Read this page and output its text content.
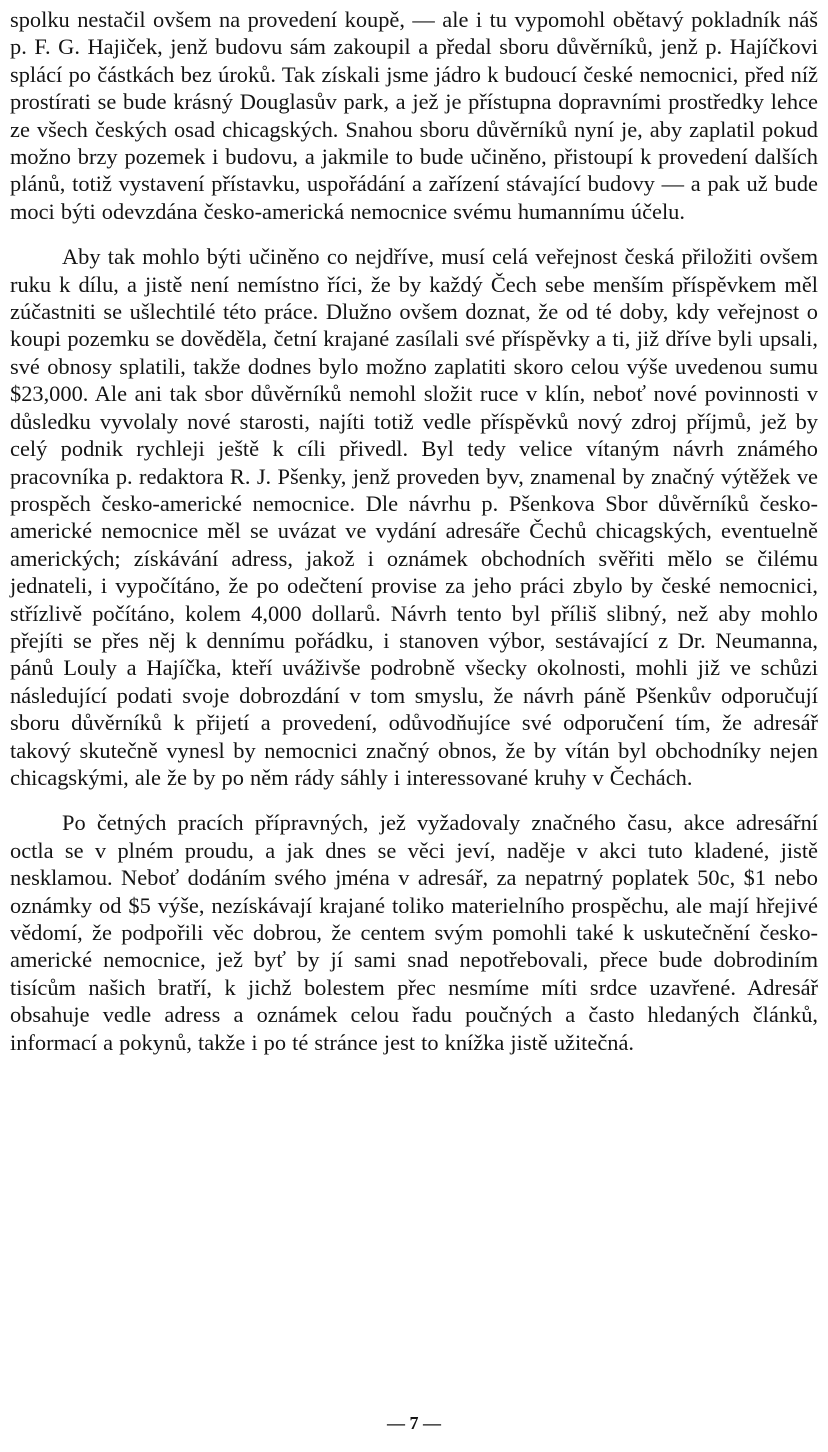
spolku nestačil ovšem na provedení koupě, — ale i tu vypomohl obětavý pokladník náš p. F. G. Hajiček, jenž budovu sám zakoupil a předal sboru důvěrníků, jenž p. Hajíčkovi splácí po částkách bez úroků. Tak získali jsme jádro k budoucí české nemocnici, před níž prostírati se bude krásný Douglasův park, a jež je přístupna dopravními prostředky lehce ze všech českých osad chicagských. Snahou sboru důvěrníků nyní je, aby zaplatil pokud možno brzy pozemek i budovu, a jakmile to bude učiněno, přistoupí k provedení dalších plánů, totiž vystavení přístavku, uspořádání a zařízení stávající budovy — a pak už bude moci býti odevzdána česko-americká nemocnice svému humannímu účelu.

Aby tak mohlo býti učiněno co nejdříve, musí celá veřejnost česká přiložiti ovšem ruku k dílu, a jistě není nemístno říci, že by každý Čech sebe menším příspěvkem měl zúčastniti se ušlechtilé této práce. Dlužno ovšem doznat, že od té doby, kdy veřejnost o koupi pozemku se dověděla, četní krajané zasílali své příspěvky a ti, již dříve byli upsali, své obnosy splatili, takže dodnes bylo možno zaplatiti skoro celou výše uvedenou sumu $23,000. Ale ani tak sbor důvěrníků nemohl složit ruce v klín, neboť nové povinnosti v důsledku vyvolaly nové starosti, najíti totiž vedle příspěvků nový zdroj příjmů, jež by celý podnik rychleji ještě k cíli přivedl. Byl tedy velice vítaným návrh známého pracovníka p. redaktora R. J. Pšenky, jenž proveden byv, znamenal by značný výtěžek ve prospěch česko-americké nemocnice. Dle návrhu p. Pšenkova Sbor důvěrníků česko-americké nemocnice měl se uvázat ve vydání adresáře Čechů chicagských, eventuelně amerických; získávání adress, jakož i oznámek obchodních svěřiti mělo se čilému jednateli, i vypočítáno, že po odečtení provise za jeho práci zbylo by české nemocnici, střízlivě počítáno, kolem 4,000 dollarů. Návrh tento byl příliš slibný, než aby mohlo přejíti se přes něj k dennímu pořádku, i stanoven výbor, sestávající z Dr. Neumanna, pánů Louly a Hajíčka, kteří uváživše podrobně všecky okolnosti, mohli již ve schůzi následující podati svoje dobrozdání v tom smyslu, že návrh páně Pšenkův odporučují sboru důvěrníků k přijetí a provedení, odůvodňujíce své odporučení tím, že adresář takový skutečně vynesl by nemocnici značný obnos, že by vítán byl obchodníky nejen chicagskými, ale že by po něm rády sáhly i interessované kruhy v Čechách.

Po četných pracích přípravných, jež vyžadovaly značného času, akce adresářní octla se v plném proudu, a jak dnes se věci jeví, naděje v akci tuto kladené, jistě nesklamou. Neboť dodáním svého jména v adresář, za nepatrný poplatek 50c, $1 nebo oznámky od $5 výše, nezískávají krajané toliko materielního prospěchu, ale mají hřejivé vědomí, že podpořili věc dobrou, že centem svým pomohli také k uskutečnění česko-americké nemocnice, jež byť by jí sami snad nepotřebovali, přece bude dobrodiním tisícům našich bratří, k jichž bolestem přec nesmíme míti srdce uzavřené. Adresář obsahuje vedle adress a oznámek celou řadu poučných a často hledaných článků, informací a pokynů, takže i po té stránce jest to knížka jistě užitečná.

— 7 —
